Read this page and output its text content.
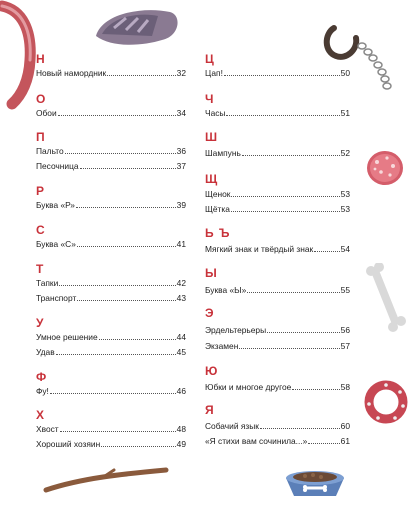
Н
Новый намордник	32
О
Обои	34
П
Пальто	36
Песочница	37
Р
Буква «Р»	39
С
Буква «С»	41
Т
Тапки	42
Транспорт	43
У
Умное решение	44
Удав	45
Ф
Фу!	46
Х
Хвост	48
Хороший хозяин	49
Ц
Цап!	50
Ч
Часы	51
Ш
Шампунь	52
Щ
Щенок	53
Щётка	53
Ь Ъ
Мягкий знак и твёрдый знак	54
Ы
Буква «Ы»	55
Э
Эрдельтерьеры	56
Экзамен	57
Ю
Юбки и многое другое	58
Я
Собачий язык	60
«Я стихи вам сочинила...»	61
